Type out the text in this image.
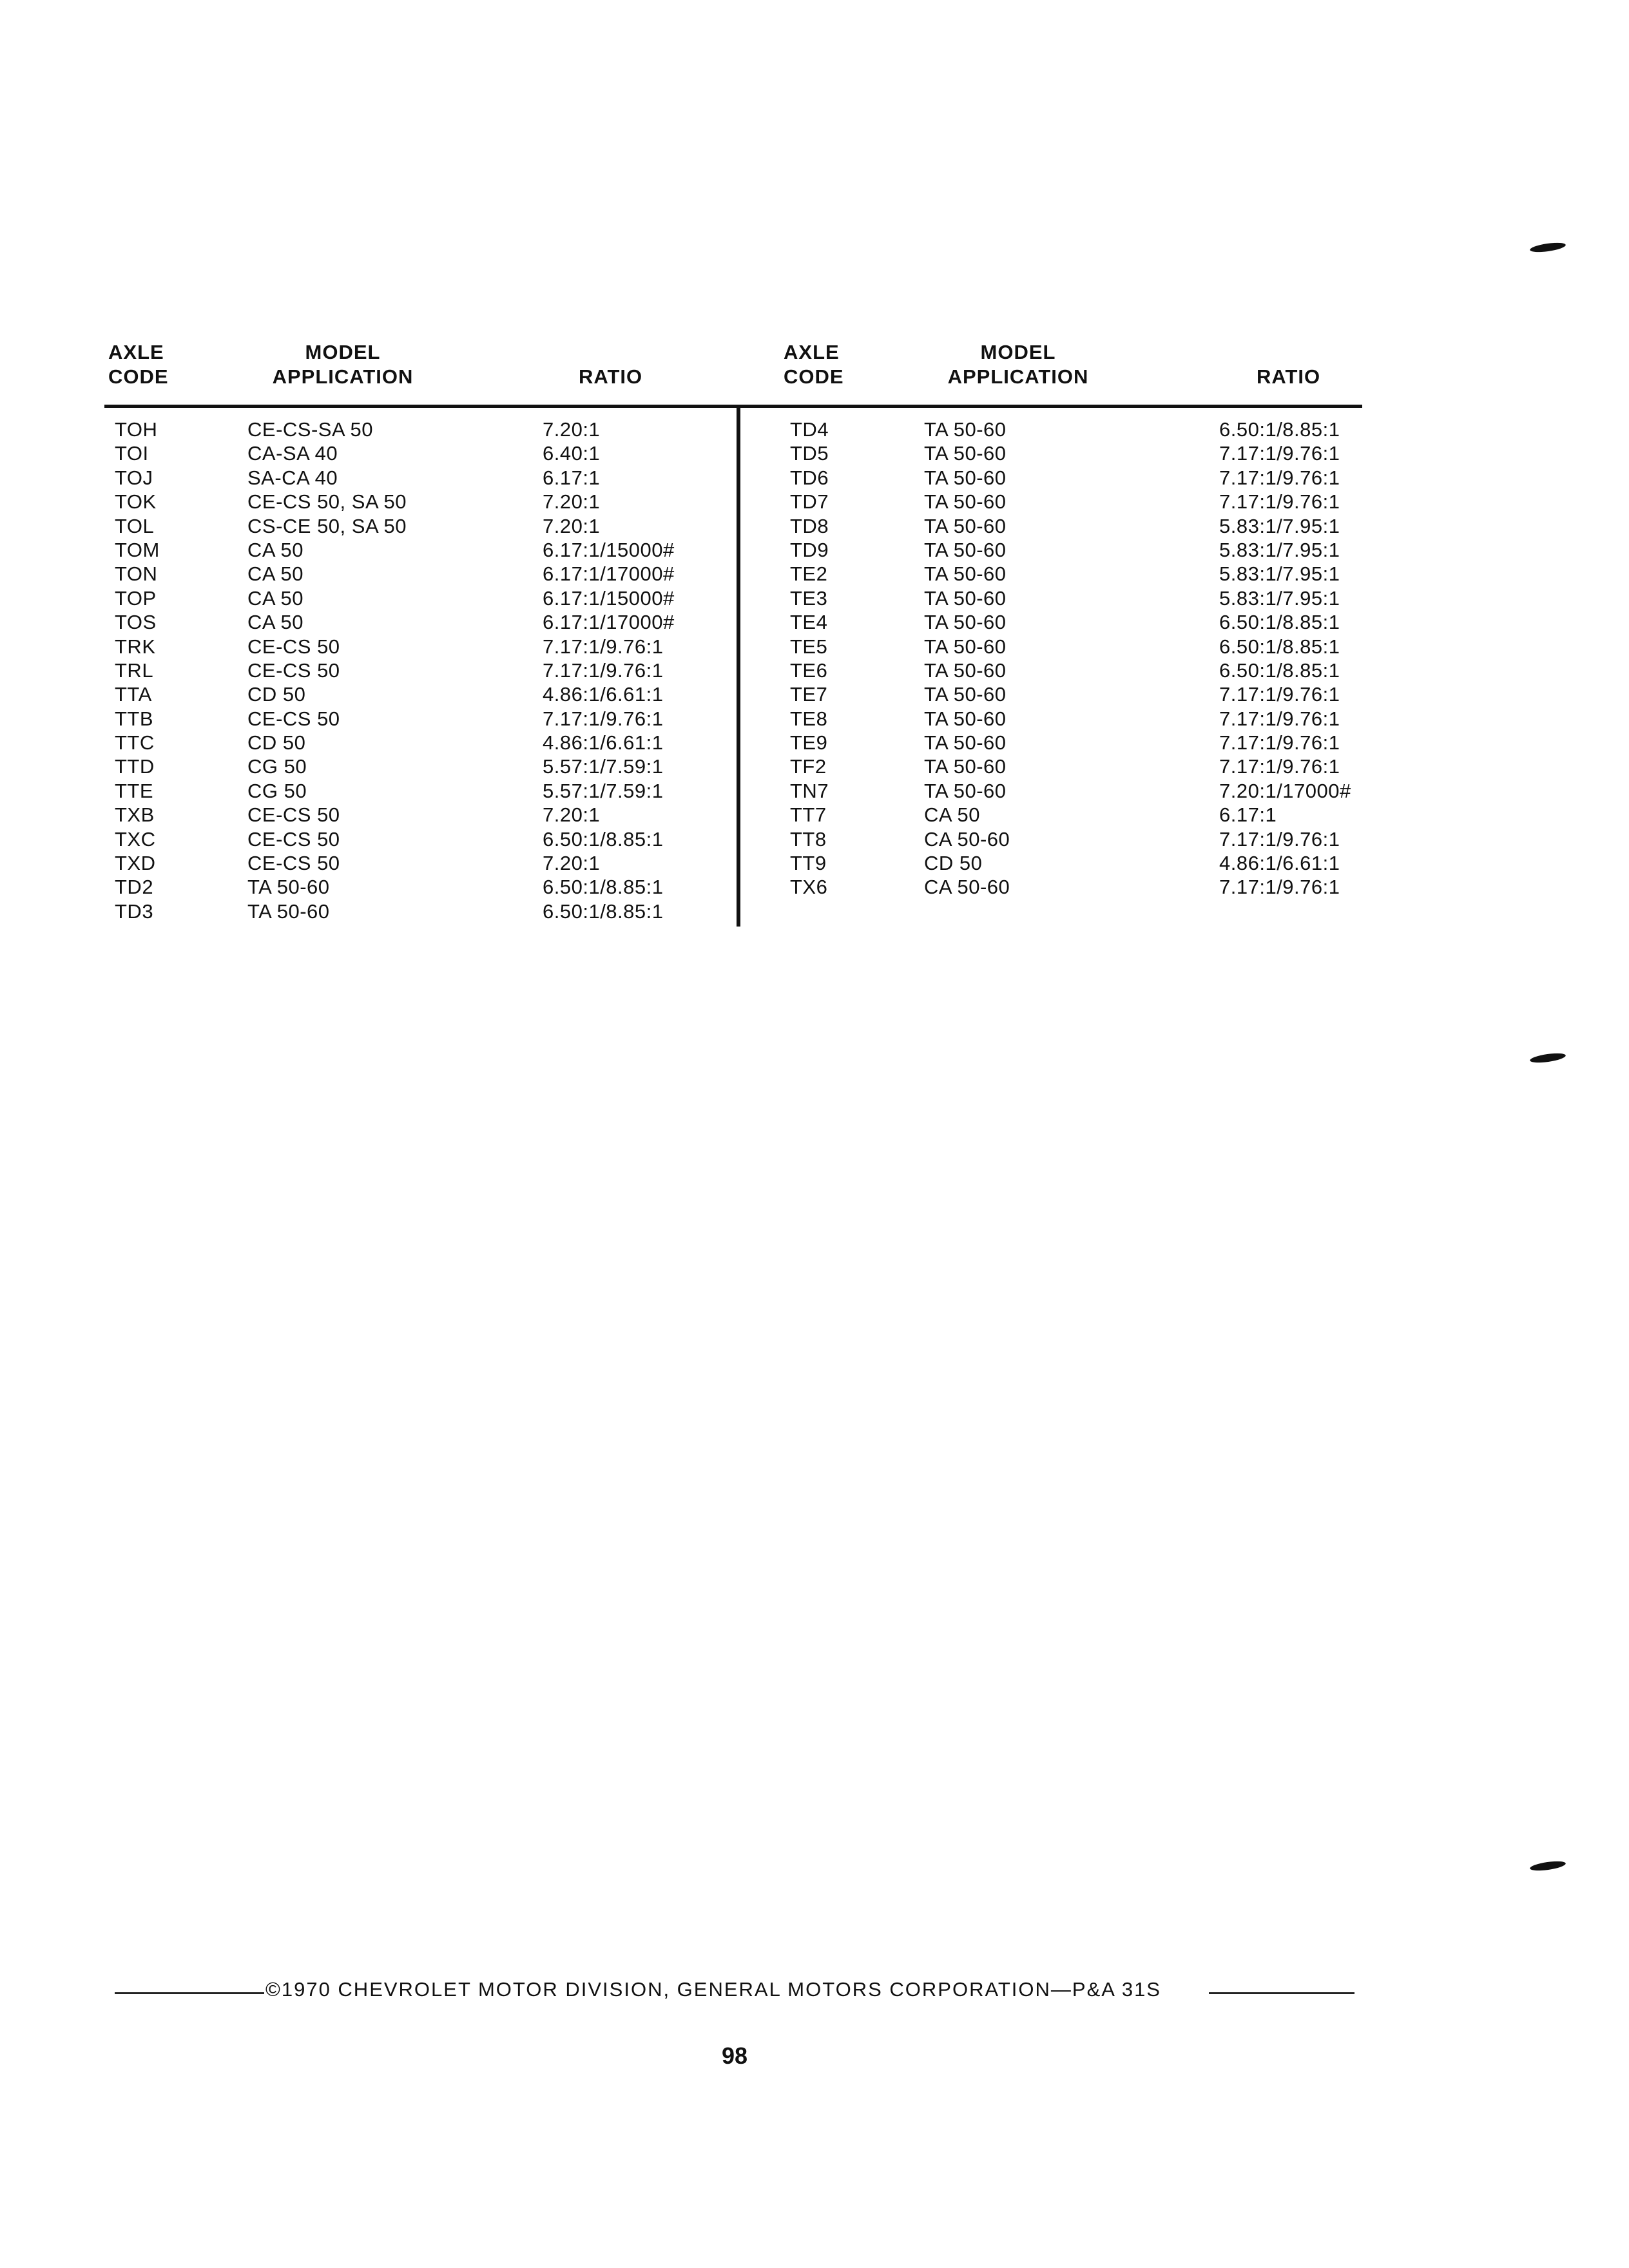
AXLE
CODE
MODEL
APPLICATION
	RATIO
AXLE
CODE
MODEL
APPLICATION
	RATIO
TOH
TOI
TOJ
TOK
TOL
TOM
TON
TOP
TOS
TRK
TRL
TTA
TTB
TTC
TTD
TTE
TXB
TXC
TXD
TD2
TD3
CE-CS-SA 50
CA-SA 40
SA-CA 40
CE-CS 50, SA 50
CS-CE 50, SA 50
CA 50
CA 50
CA 50
CA 50
CE-CS 50
CE-CS 50
CD 50
CE-CS 50
CD 50
CG 50
CG 50
CE-CS 50
CE-CS 50
CE-CS 50
TA 50-60
TA 50-60
7.20:1
6.40:1
6.17:1
7.20:1
7.20:1
6.17:1/15000#
6.17:1/17000#
6.17:1/15000#
6.17:1/17000#
7.17:1/9.76:1
7.17:1/9.76:1
4.86:1/6.61:1
7.17:1/9.76:1
4.86:1/6.61:1
5.57:1/7.59:1
5.57:1/7.59:1
7.20:1
6.50:1/8.85:1
7.20:1
6.50:1/8.85:1
6.50:1/8.85:1
TD4
TD5
TD6
TD7
TD8
TD9
TE2
TE3
TE4
TE5
TE6
TE7
TE8
TE9
TF2
TN7
TT7
TT8
TT9
TX6
TA 50-60
TA 50-60
TA 50-60
TA 50-60
TA 50-60
TA 50-60
TA 50-60
TA 50-60
TA 50-60
TA 50-60
TA 50-60
TA 50-60
TA 50-60
TA 50-60
TA 50-60
TA 50-60
CA 50
CA 50-60
CD 50
CA 50-60
6.50:1/8.85:1
7.17:1/9.76:1
7.17:1/9.76:1
7.17:1/9.76:1
5.83:1/7.95:1
5.83:1/7.95:1
5.83:1/7.95:1
5.83:1/7.95:1
6.50:1/8.85:1
6.50:1/8.85:1
6.50:1/8.85:1
7.17:1/9.76:1
7.17:1/9.76:1
7.17:1/9.76:1
7.17:1/9.76:1
7.20:1/17000#
6.17:1
7.17:1/9.76:1
4.86:1/6.61:1
7.17:1/9.76:1
©1970 CHEVROLET MOTOR DIVISION, GENERAL MOTORS CORPORATION—P&A 31S
98
